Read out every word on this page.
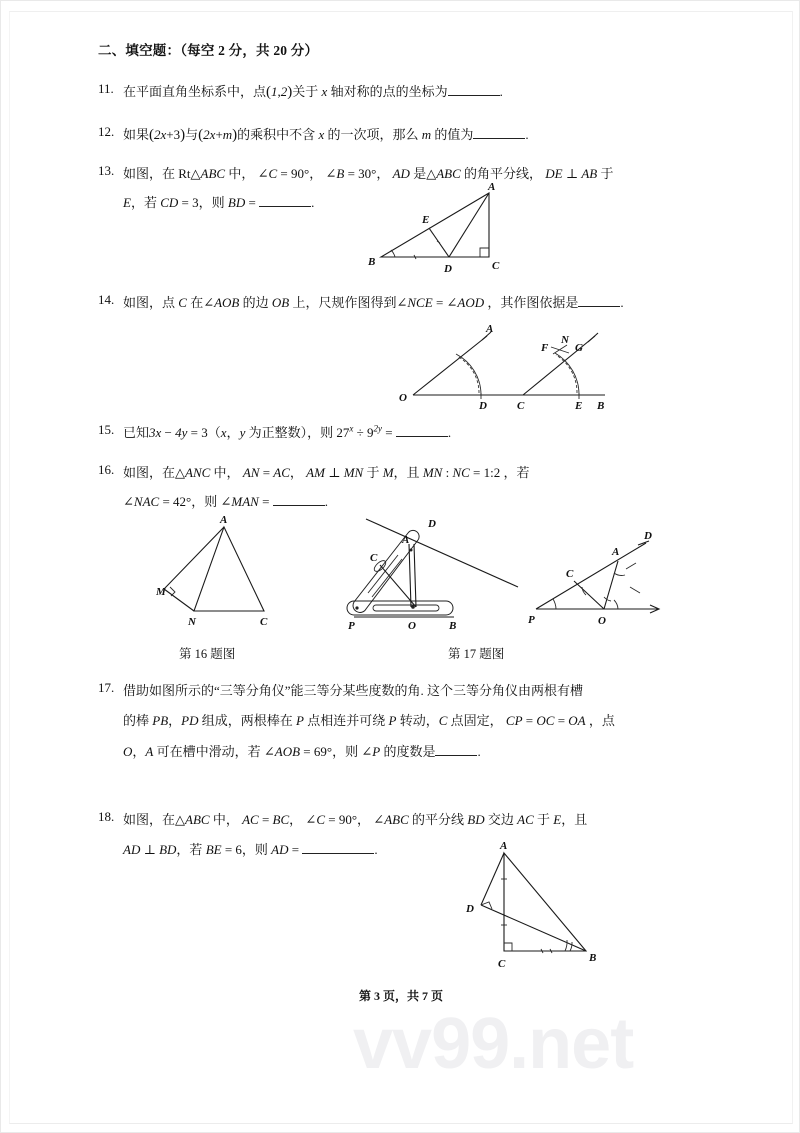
vv99.net
二、填空题：（每空 2 分，共 20 分）
11. 在平面直角坐标系中，点(1,2)关于 x 轴对称的点的坐标为	.
12. 如果(2x+3)与(2x+m)的乘积中不含 x 的一次项，那么 m 的值为	.
13. 如图，在 Rt△ABC 中， ∠C = 90°， ∠B = 30°， AD 是△ABC 的角平分线， DE ⊥ AB 于
E，若 CD = 3，则 BD =	.
A
B	C
D
E
14. 如图，点 C 在∠AOB 的边 OB 上，尺规作图得到∠NCE = ∠AOD ，其作图依据是	.
A
O
D	C	E B
F
N
G
15. 已知3x − 4y = 3（x，y 为正整数），则 $27^x \div 9^{2y}$ =	.
16. 如图，在△ANC 中， AN = AC， AM ⊥ MN 于 M，且 MN : NC = 1:2 ，若
∠NAC = 42°，则 ∠MAN =	.
A
M
N	C
D
A
C
P	O	B
D
A
C
P	O
第 16 题图	第 17 题图
17. 借助如图所示的“三等分角仪”能三等分某些度数的角. 这个三等分角仪由两根有槽
的棒 PB，PD 组成，两根棒在 P 点相连并可绕 P 转动，C 点固定， CP = OC = OA ，点
O，A 可在槽中滑动，若 ∠AOB = 69°，则 ∠P 的度数是	.
18. 如图，在△ABC 中， AC = BC， ∠C = 90°， ∠ABC 的平分线 BD 交边 AC 于 E，且
AD ⊥ BD，若 BE = 6，则 AD =	.	A
D
C	B
第 3 页，共 7 页
